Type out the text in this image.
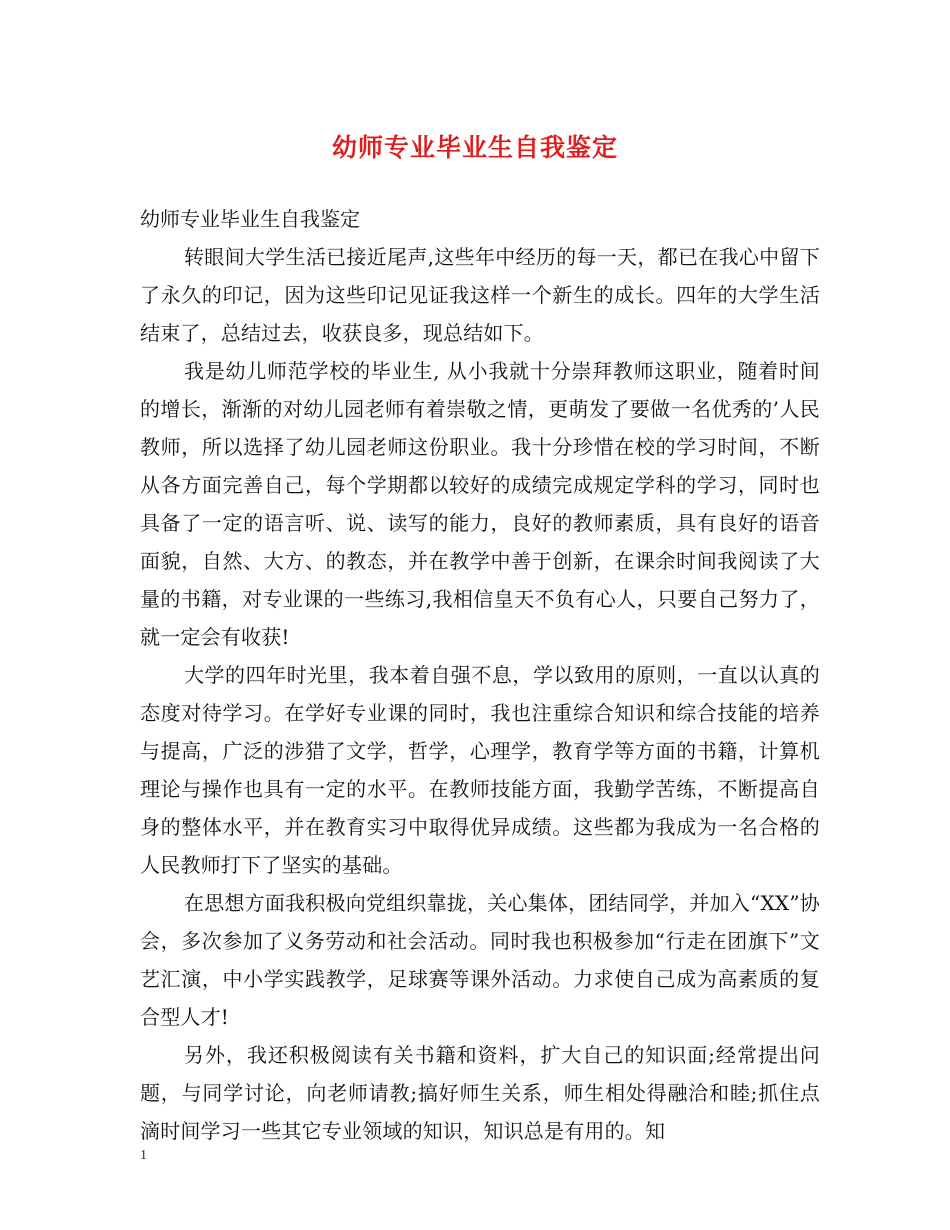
幼师专业毕业生自我鉴定

幼师专业毕业生自我鉴定

转眼间大学生活已接近尾声,这些年中经历的每一天，都已在我心中留下了永久的印记，因为这些印记见证我这样一个新生的成长。四年的大学生活结束了，总结过去，收获良多，现总结如下。

我是幼儿师范学校的毕业生, 从小我就十分崇拜教师这职业，随着时间的增长，渐渐的对幼儿园老师有着崇敬之情，更萌发了要做一名优秀的’人民教师，所以选择了幼儿园老师这份职业。我十分珍惜在校的学习时间，不断从各方面完善自己，每个学期都以较好的成绩完成规定学科的学习，同时也具备了一定的语言听、说、读写的能力，良好的教师素质，具有良好的语音面貌，自然、大方、的教态，并在教学中善于创新，在课余时间我阅读了大量的书籍，对专业课的一些练习,我相信皇天不负有心人，只要自己努力了，就一定会有收获!

大学的四年时光里，我本着自强不息，学以致用的原则，一直以认真的态度对待学习。在学好专业课的同时，我也注重综合知识和综合技能的培养与提高，广泛的涉猎了文学，哲学，心理学，教育学等方面的书籍，计算机理论与操作也具有一定的水平。在教师技能方面，我勤学苦练，不断提高自身的整体水平，并在教育实习中取得优异成绩。这些都为我成为一名合格的人民教师打下了坚实的基础。

在思想方面我积极向党组织靠拢，关心集体，团结同学，并加入“XX”协会，多次参加了义务劳动和社会活动。同时我也积极参加“行走在团旗下”文艺汇演，中小学实践教学，足球赛等课外活动。力求使自己成为高素质的复合型人才!

另外，我还积极阅读有关书籍和资料，扩大自己的知识面;经常提出问题，与同学讨论，向老师请教;搞好师生关系，师生相处得融洽和睦;抓住点滴时间学习一些其它专业领域的知识，知识总是有用的。知

1
